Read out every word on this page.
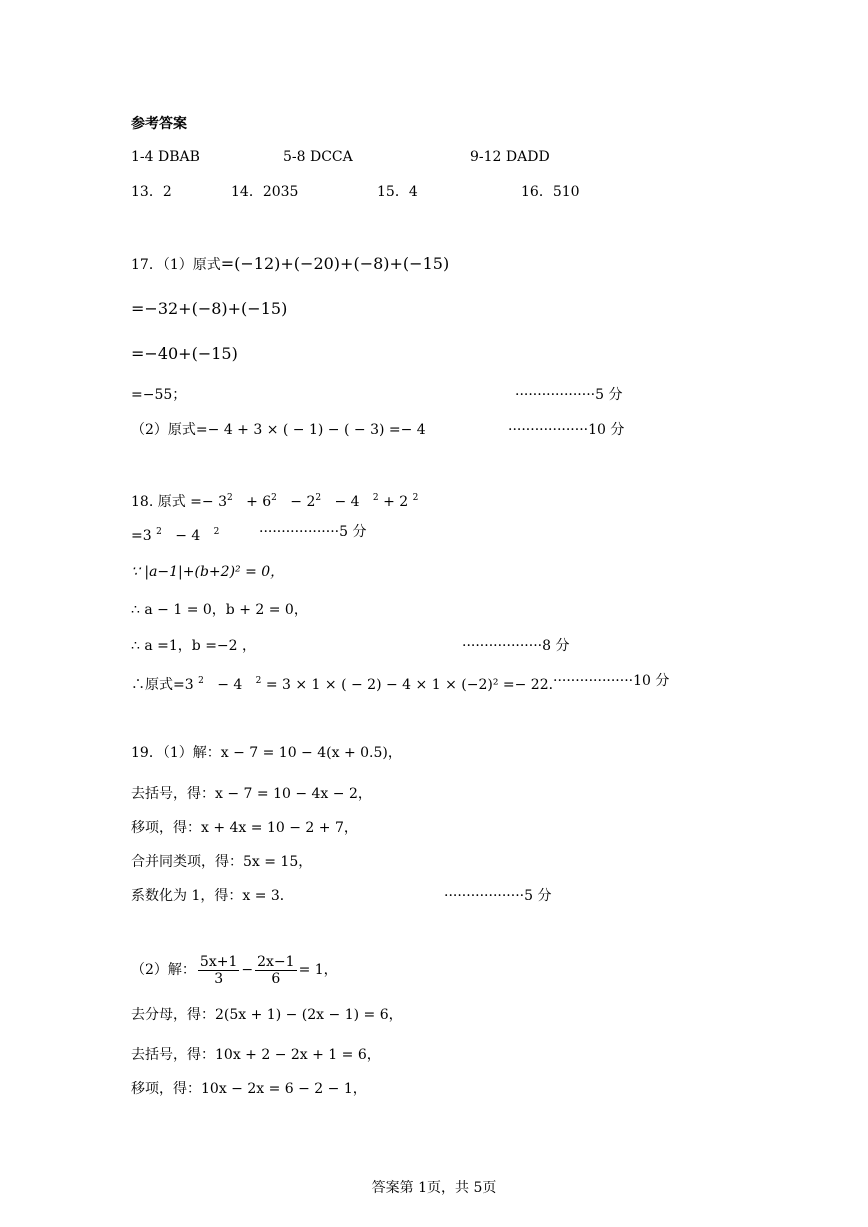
参考答案
1-4 DBAB	5-8 DCCA	9-12 DADD
13．2	14．2035	15．4	16．510
17．（1）原式=(−12)+(−20)+(−8)+(−15)
=−32+(−8)+(−15)
=−40+(−15)
=−55；	··················5 分
（2）原式=− 4 + 3 × ( − 1) − ( − 3) =− 4	··················10 分
18. 原式 =− $3^2 + 6^2 - 2^2 - 4$ $^2$ + 2 $^2$
=3 $^2$ − 4 $^2$	··················5 分
∵ |a−1|+(b+2)² = 0，
∴ a − 1 = 0，b + 2 = 0，
∴ a =1，b =−2 ，	··················8 分
∴原式=3 $^2$ − 4 $^2$ = 3 × 1 × ( − 2) − 4 × 1 × (−2)² =− 22．
··················10 分
19．（1）解：x − 7 = 10 − 4(x + 0.5)，
去括号，得：x − 7 = 10 − 4x − 2，
移项，得：x + 4x = 10 − 2 + 7，
合并同类项，得：5x = 15，
系数化为 1，得：x = 3．	··················5 分
（2）解： $\frac{5x+1}{3} - \frac{2x-1}{6} = 1$，
去分母，得：2(5x + 1) − (2x − 1) = 6，
去括号，得：10x + 2 − 2x + 1 = 6，
移项，得：10x − 2x = 6 − 2 − 1，
答案第 1页，共 5页
